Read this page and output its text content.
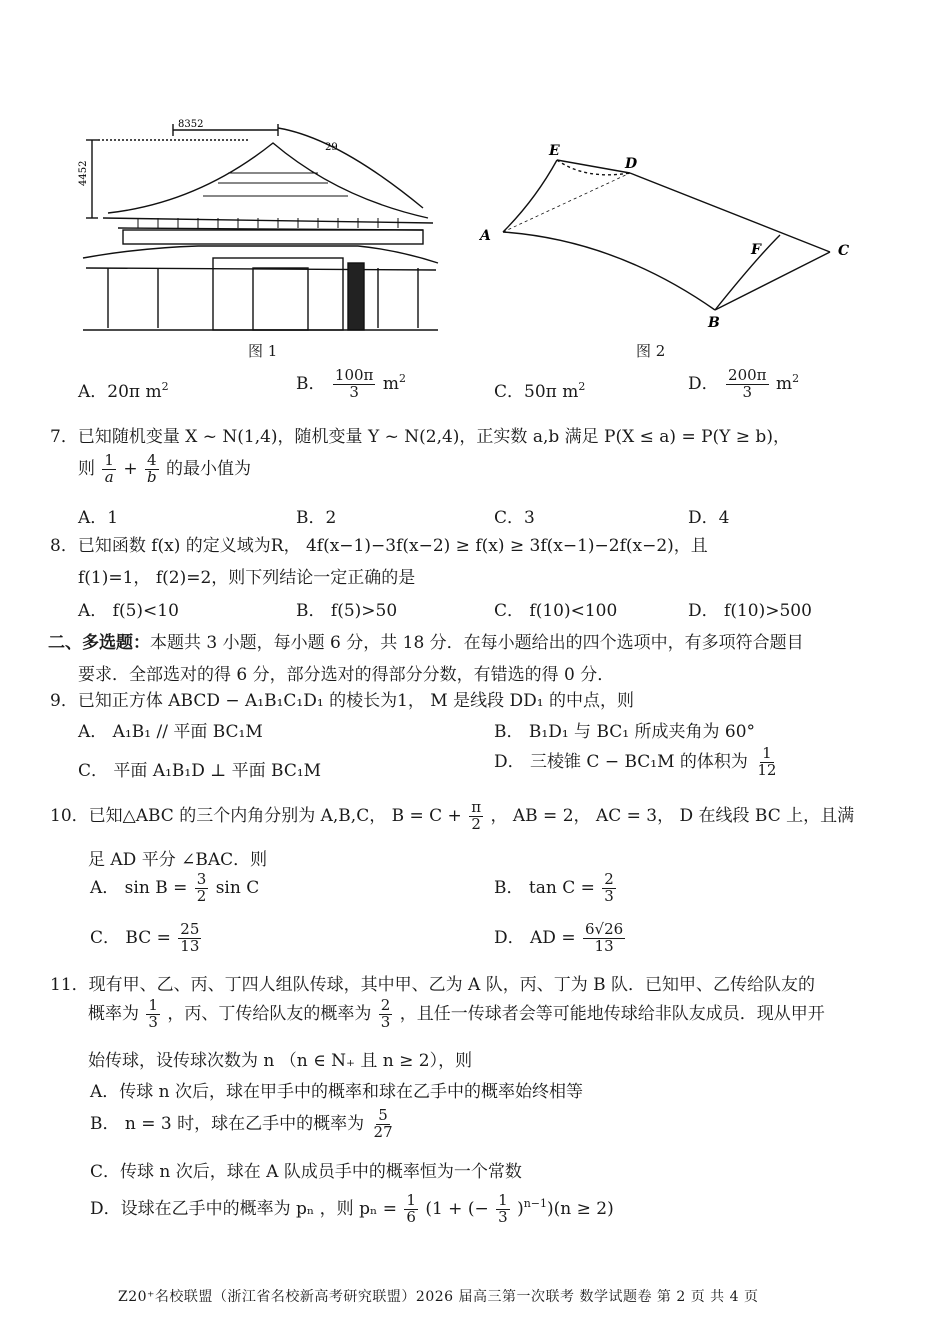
8352
4452
29
图 1
A
B
C
D
E
F
图 2
A．20π $m^2$	B． $\frac{100\pi}{3} m^2$
C．50π $m^2$	D． $\frac{200\pi}{3} m^2$
7．已知随机变量 X ~ N(1,4)，随机变量 Y ~ N(2,4)，正实数 a,b 满足 P(X ≤ a) = P(Y ≥ b)，
则 $\frac{1}{a} + \frac{4}{b}$ 的最小值为
A．1	B．2	C．3	D．4
8．已知函数 f(x) 的定义域为R， 4f(x−1)−3f(x−2) ≥ f(x) ≥ 3f(x−1)−2f(x−2)，且
f(1)=1， f(2)=2，则下列结论一定正确的是
A． f(5)<10	B． f(5)>50	C． f(10)<100	D． f(10)>500
二、多选题：本题共 3 小题，每小题 6 分，共 18 分．在每小题给出的四个选项中，有多项符合题目
要求．全部选对的得 6 分，部分选对的得部分分数，有错选的得 0 分．
9．已知正方体 ABCD − A₁B₁C₁D₁ 的棱长为1， M 是线段 DD₁ 的中点，则
A． A₁B₁ // 平面 BC₁M	B． B₁D₁ 与 BC₁ 所成夹角为 60°
C． 平面 A₁B₁D ⊥ 平面 BC₁M	D． 三棱锥 C − BC₁M 的体积为 $\frac{1}{12}$
10．已知△ABC 的三个内角分别为 A,B,C， $B = C + \frac{\pi}{2}$ ， AB = 2， AC = 3， D 在线段 BC 上，且满
足 AD 平分 ∠BAC．则
A． $\sin B = \frac{3}{2}$ sin C	B． $\tan C = \frac{2}{3}$
C． BC = $\frac{25}{13}$	D． AD = $\frac{6√26}{13}$
11．现有甲、乙、丙、丁四人组队传球，其中甲、乙为 A 队，丙、丁为 B 队．已知甲、乙传给队友的
概率为 $\frac{1}{3}$ ，丙、丁传给队友的概率为 $\frac{2}{3}$ ，且任一传球者会等可能地传球给非队友成员．现从甲开
始传球，设传球次数为 n （n ∈ N₊ 且 n ≥ 2），则
A．传球 n 次后，球在甲手中的概率和球在乙手中的概率始终相等
B． n = 3 时，球在乙手中的概率为 $\frac{5}{27}$
C．传球 n 次后，球在 A 队成员手中的概率恒为一个常数
D．设球在乙手中的概率为 pₙ ，则 $p_n = \frac{1}{6} (1$ + (− $\frac{1}{3} )^{n-1})(n \ge 2)$
Z20⁺名校联盟（浙江省名校新高考研究联盟）2026 届高三第一次联考 数学试题卷 第 2 页 共 4 页
